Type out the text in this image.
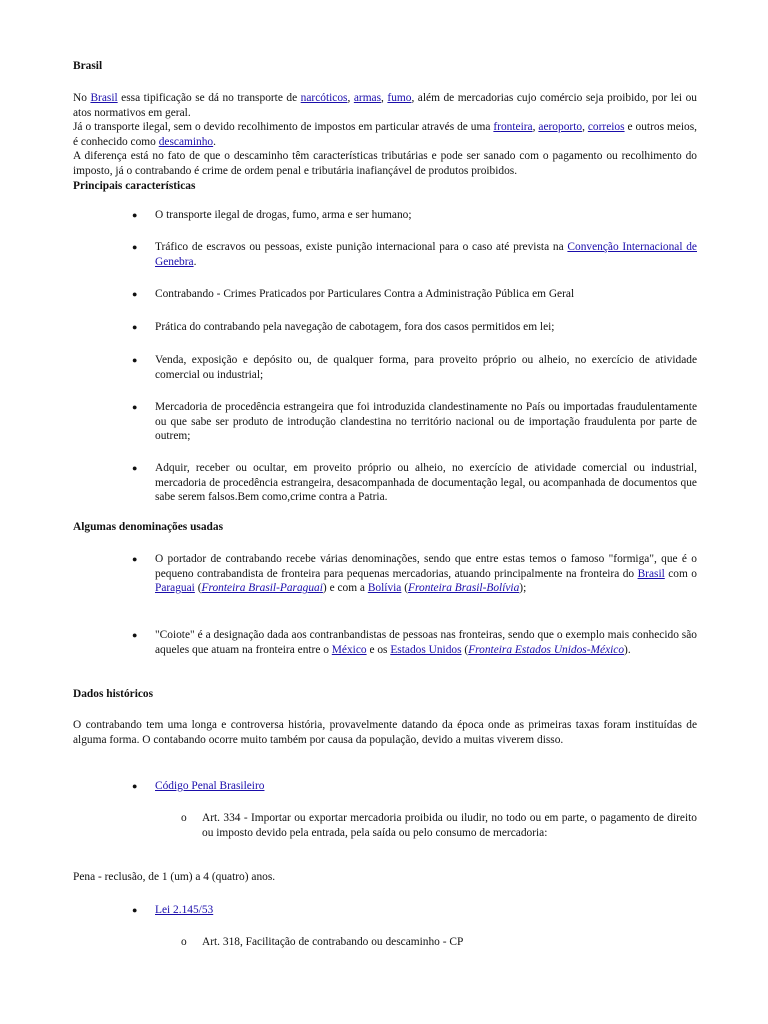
Brasil
No Brasil essa tipificação se dá no transporte de narcóticos, armas, fumo, além de mercadorias cujo comércio seja proibido, por lei ou atos normativos em geral.
Já o transporte ilegal, sem o devido recolhimento de impostos em particular através de uma fronteira, aeroporto, correios e outros meios, é conhecido como descaminho.
A diferença está no fato de que o descaminho têm características tributárias e pode ser sanado com o pagamento ou recolhimento do imposto, já o contrabando é crime de ordem penal e tributária inafiançável de produtos proibidos.
Principais características
● O transporte ilegal de drogas, fumo, arma e ser humano;
● Tráfico de escravos ou pessoas, existe punição internacional para o caso até prevista na Convenção Internacional de Genebra.
● Contrabando - Crimes Praticados por Particulares Contra a Administração Pública em Geral
● Prática do contrabando pela navegação de cabotagem, fora dos casos permitidos em lei;
● Venda, exposição e depósito ou, de qualquer forma, para proveito próprio ou alheio, no exercício de atividade comercial ou industrial;
● Mercadoria de procedência estrangeira que foi introduzida clandestinamente no País ou importadas fraudulentamente ou que sabe ser produto de introdução clandestina no território nacional ou de importação fraudulenta por parte de outrem;
● Adquir, receber ou ocultar, em proveito próprio ou alheio, no exercício de atividade comercial ou industrial, mercadoria de procedência estrangeira, desacompanhada de documentação legal, ou acompanhada de documentos que sabe serem falsos.Bem como,crime contra a Patria.
Algumas denominações usadas
● O portador de contrabando recebe várias denominações, sendo que entre estas temos o famoso "formiga", que é o pequeno contrabandista de fronteira para pequenas mercadorias, atuando principalmente na fronteira do Brasil com o Paraguai (Fronteira Brasil-Paraguai) e com a Bolívia (Fronteira Brasil-Bolívia);
● "Coiote" é a designação dada aos contranbandistas de pessoas nas fronteiras, sendo que o exemplo mais conhecido são aqueles que atuam na fronteira entre o México e os Estados Unidos (Fronteira Estados Unidos-México).
Dados históricos
O contrabando tem uma longa e controversa história, provavelmente datando da época onde as primeiras taxas foram instituídas de alguma forma. O contabando ocorre muito também por causa da população, devido a muitas viverem disso.
● Código Penal Brasileiro
o Art. 334 - Importar ou exportar mercadoria proibida ou iludir, no todo ou em parte, o pagamento de direito ou imposto devido pela entrada, pela saída ou pelo consumo de mercadoria:
Pena - reclusão, de 1 (um) a 4 (quatro) anos.
● Lei 2.145/53
o Art. 318, Facilitação de contrabando ou descaminho - CP
